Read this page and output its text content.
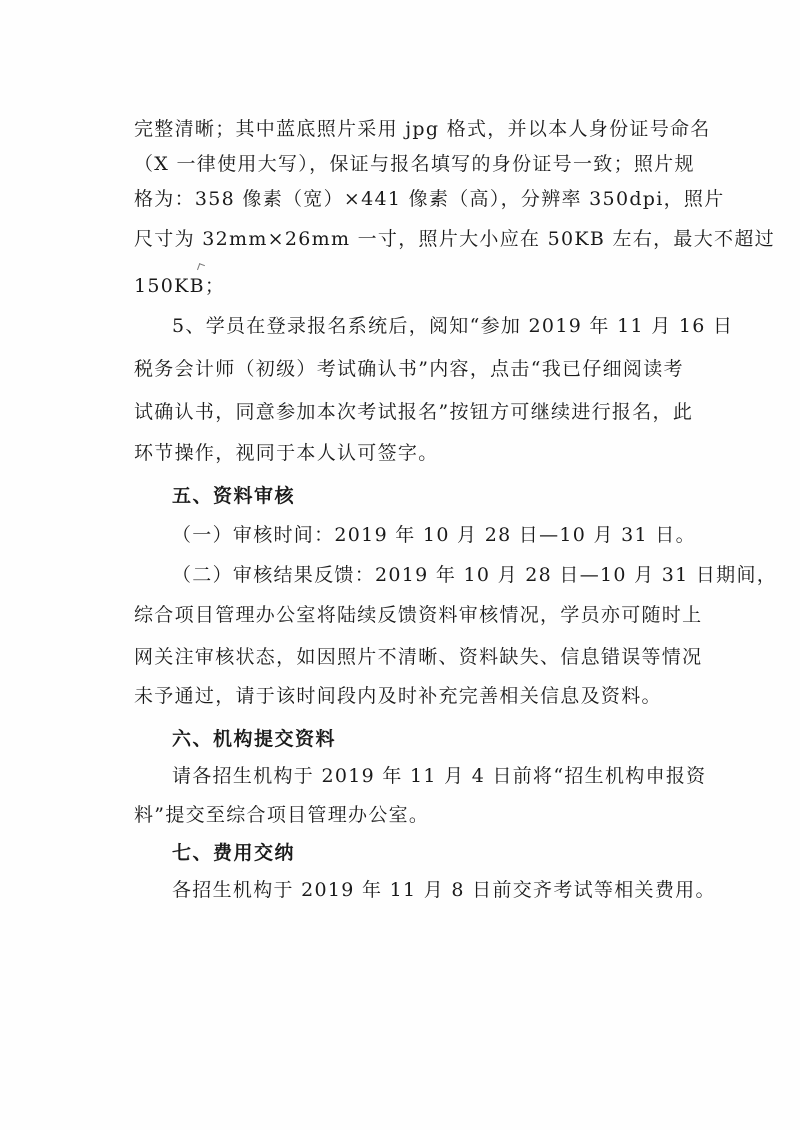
完整清晰；其中蓝底照片采用 jpg 格式，并以本人身份证号命名
（X 一律使用大写），保证与报名填写的身份证号一致；照片规
格为：358 像素（宽）×441 像素（高），分辨率 350dpi，照片
尺寸为 32mm×26mm 一寸，照片大小应在 50KB 左右，最大不超过
150KB；
5、学员在登录报名系统后，阅知“参加 2019 年 11 月 16 日
税务会计师（初级）考试确认书”内容，点击“我已仔细阅读考
试确认书，同意参加本次考试报名”按钮方可继续进行报名，此
环节操作，视同于本人认可签字。
五、资料审核
（一）审核时间：2019 年 10 月 28 日—10 月 31 日。
（二）审核结果反馈：2019 年 10 月 28 日—10 月 31 日期间，
综合项目管理办公室将陆续反馈资料审核情况，学员亦可随时上
网关注审核状态，如因照片不清晰、资料缺失、信息错误等情况
未予通过，请于该时间段内及时补充完善相关信息及资料。
六、机构提交资料
请各招生机构于 2019 年 11 月 4 日前将“招生机构申报资
料”提交至综合项目管理办公室。
七、费用交纳
各招生机构于 2019 年 11 月 8 日前交齐考试等相关费用。
